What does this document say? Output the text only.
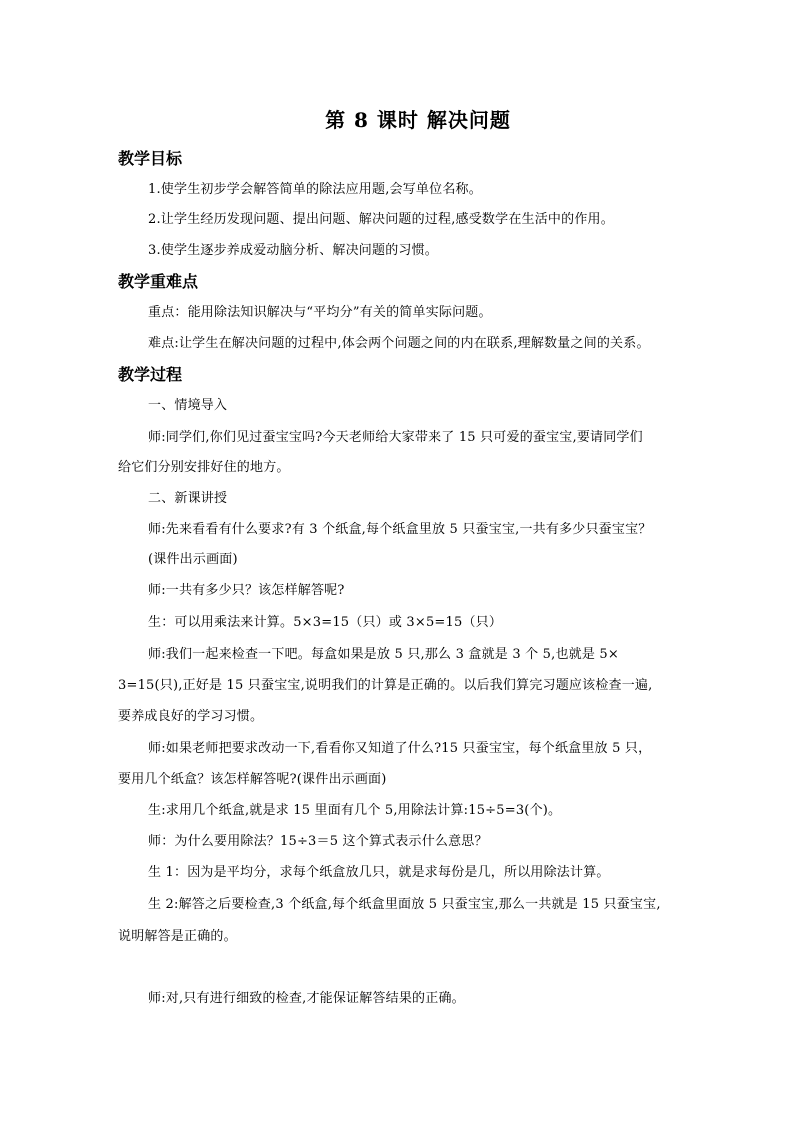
第 8 课时 解决问题
教学目标
1.使学生初步学会解答简单的除法应用题,会写单位名称。
2.让学生经历发现问题、提出问题、解决问题的过程,感受数学在生活中的作用。
3.使学生逐步养成爱动脑分析、解决问题的习惯。
教学重难点
重点：能用除法知识解决与“平均分”有关的简单实际问题。
难点:让学生在解决问题的过程中,体会两个问题之间的内在联系,理解数量之间的关系。
教学过程
一、情境导入
师:同学们,你们见过蚕宝宝吗?今天老师给大家带来了 15 只可爱的蚕宝宝,要请同学们
给它们分别安排好住的地方。
二、新课讲授
师:先来看看有什么要求?有 3 个纸盒,每个纸盒里放 5 只蚕宝宝,一共有多少只蚕宝宝？
(课件出示画面)
师:一共有多少只？该怎样解答呢?
生：可以用乘法来计算。5×3=15（只）或 3×5=15（只）
师:我们一起来检查一下吧。每盒如果是放 5 只,那么 3 盒就是 3 个 5,也就是 5×
3=15(只),正好是 15 只蚕宝宝,说明我们的计算是正确的。以后我们算完习题应该检查一遍,
要养成良好的学习习惯。
师:如果老师把要求改动一下,看看你又知道了什么?15 只蚕宝宝，每个纸盒里放 5 只，
要用几个纸盒？该怎样解答呢?(课件出示画面)
生:求用几个纸盒,就是求 15 里面有几个 5,用除法计算:15÷5=3(个)。
师：为什么要用除法？15÷3＝5 这个算式表示什么意思？
生 1：因为是平均分，求每个纸盒放几只，就是求每份是几，所以用除法计算。
生 2:解答之后要检查,3 个纸盒,每个纸盒里面放 5 只蚕宝宝,那么一共就是 15 只蚕宝宝,
说明解答是正确的。
师:对,只有进行细致的检查,才能保证解答结果的正确。
